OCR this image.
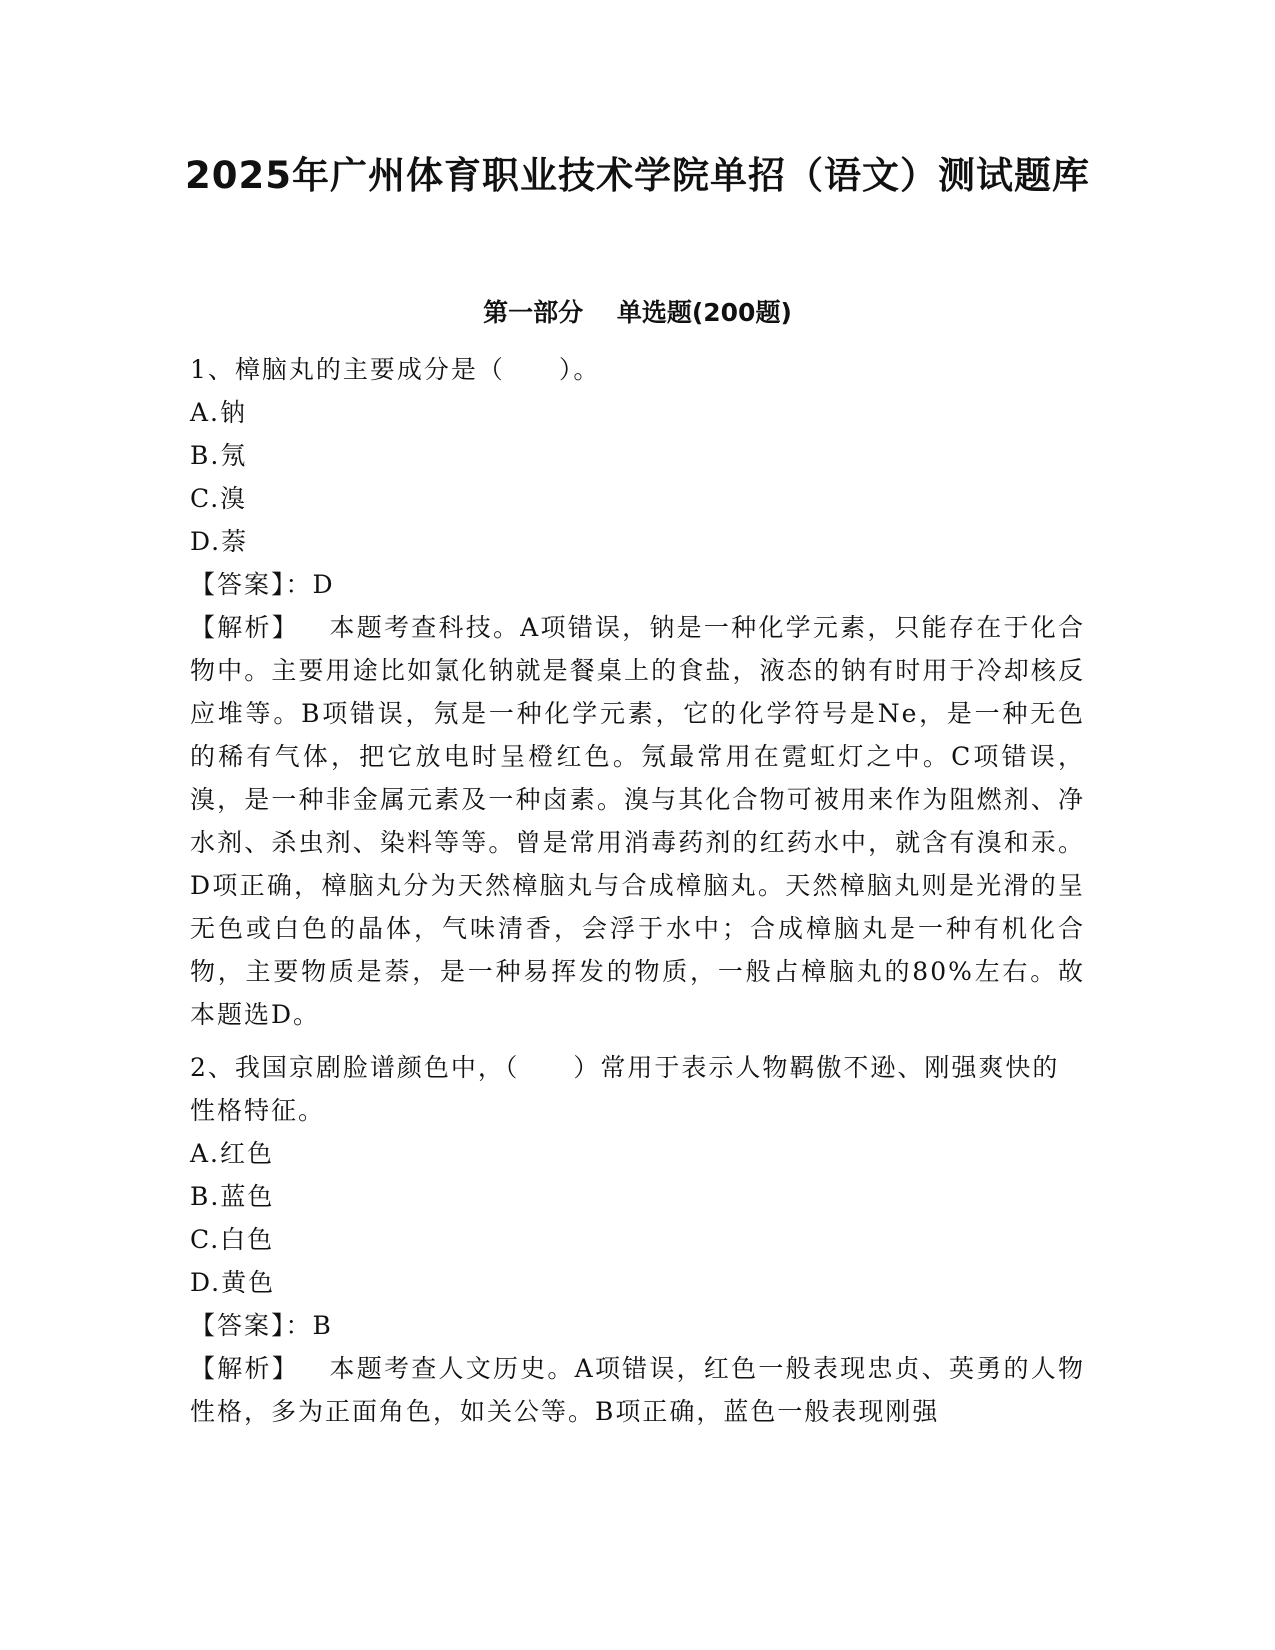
2025年广州体育职业技术学院单招（语文）测试题库
第一部分　 单选题(200题)

1、樟脑丸的主要成分是（　　）。

A.钠

B.氖

C.溴

D.萘

【答案】：D

【解析】 本题考查科技。A项错误，钠是一种化学元素，只能存在于化合物中。主要用途比如氯化钠就是餐桌上的食盐，液态的钠有时用于冷却核反应堆等。B项错误，氖是一种化学元素，它的化学符号是Ne，是一种无色的稀有气体，把它放电时呈橙红色。氖最常用在霓虹灯之中。C项错误，溴，是一种非金属元素及一种卤素。溴与其化合物可被用来作为阻燃剂、净水剂、杀虫剂、染料等等。曾是常用消毒药剂的红药水中，就含有溴和汞。D项正确，樟脑丸分为天然樟脑丸与合成樟脑丸。天然樟脑丸则是光滑的呈无色或白色的晶体，气味清香，会浮于水中；合成樟脑丸是一种有机化合物，主要物质是萘，是一种易挥发的物质，一般占樟脑丸的80%左右。故本题选D。

2、我国京剧脸谱颜色中，（　　）常用于表示人物羁傲不逊、刚强爽快的性格特征。

A.红色

B.蓝色

C.白色

D.黄色

【答案】：B

【解析】 本题考查人文历史。A项错误，红色一般表现忠贞、英勇的人物性格，多为正面角色，如关公等。B项正确，蓝色一般表现刚强
